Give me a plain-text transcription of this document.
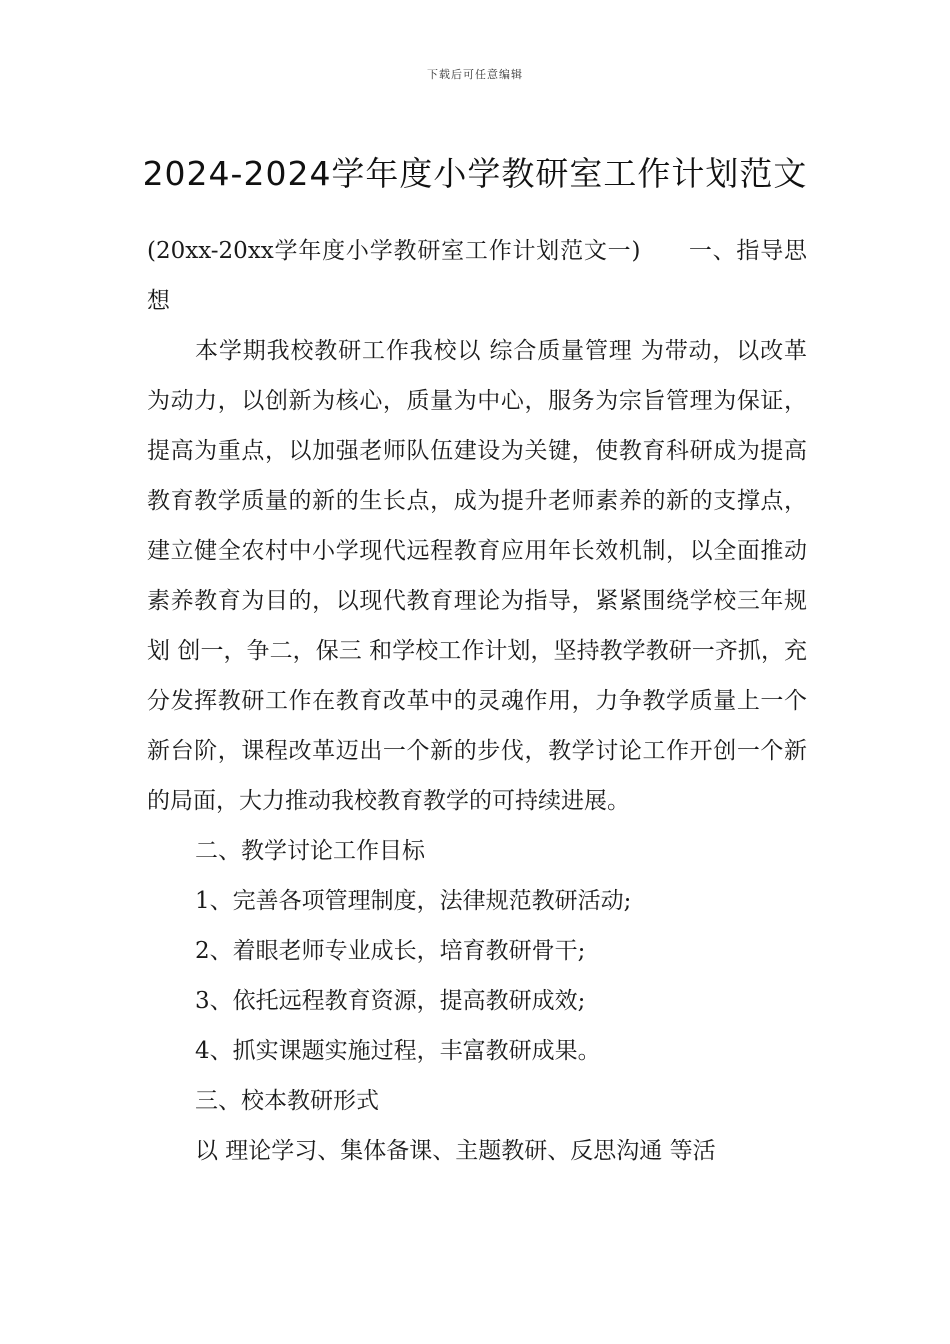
下载后可任意编辑
2024-2024学年度小学教研室工作计划范文

(20xx-20xx学年度小学教研室工作计划范文一)　　一、指导思想

本学期我校教研工作我校以 综合质量管理 为带动，以改革为动力，以创新为核心，质量为中心，服务为宗旨管理为保证，提高为重点，以加强老师队伍建设为关键，使教育科研成为提高教育教学质量的新的生长点，成为提升老师素养的新的支撑点，建立健全农村中小学现代远程教育应用年长效机制，以全面推动素养教育为目的，以现代教育理论为指导，紧紧围绕学校三年规划 创一，争二，保三 和学校工作计划，坚持教学教研一齐抓，充分发挥教研工作在教育改革中的灵魂作用，力争教学质量上一个新台阶，课程改革迈出一个新的步伐，教学讨论工作开创一个新的局面，大力推动我校教育教学的可持续进展。

二、教学讨论工作目标

1、完善各项管理制度，法律规范教研活动;

2、着眼老师专业成长，培育教研骨干;

3、依托远程教育资源，提高教研成效;

4、抓实课题实施过程，丰富教研成果。

三、校本教研形式

以 理论学习、集体备课、主题教研、反思沟通 等活
